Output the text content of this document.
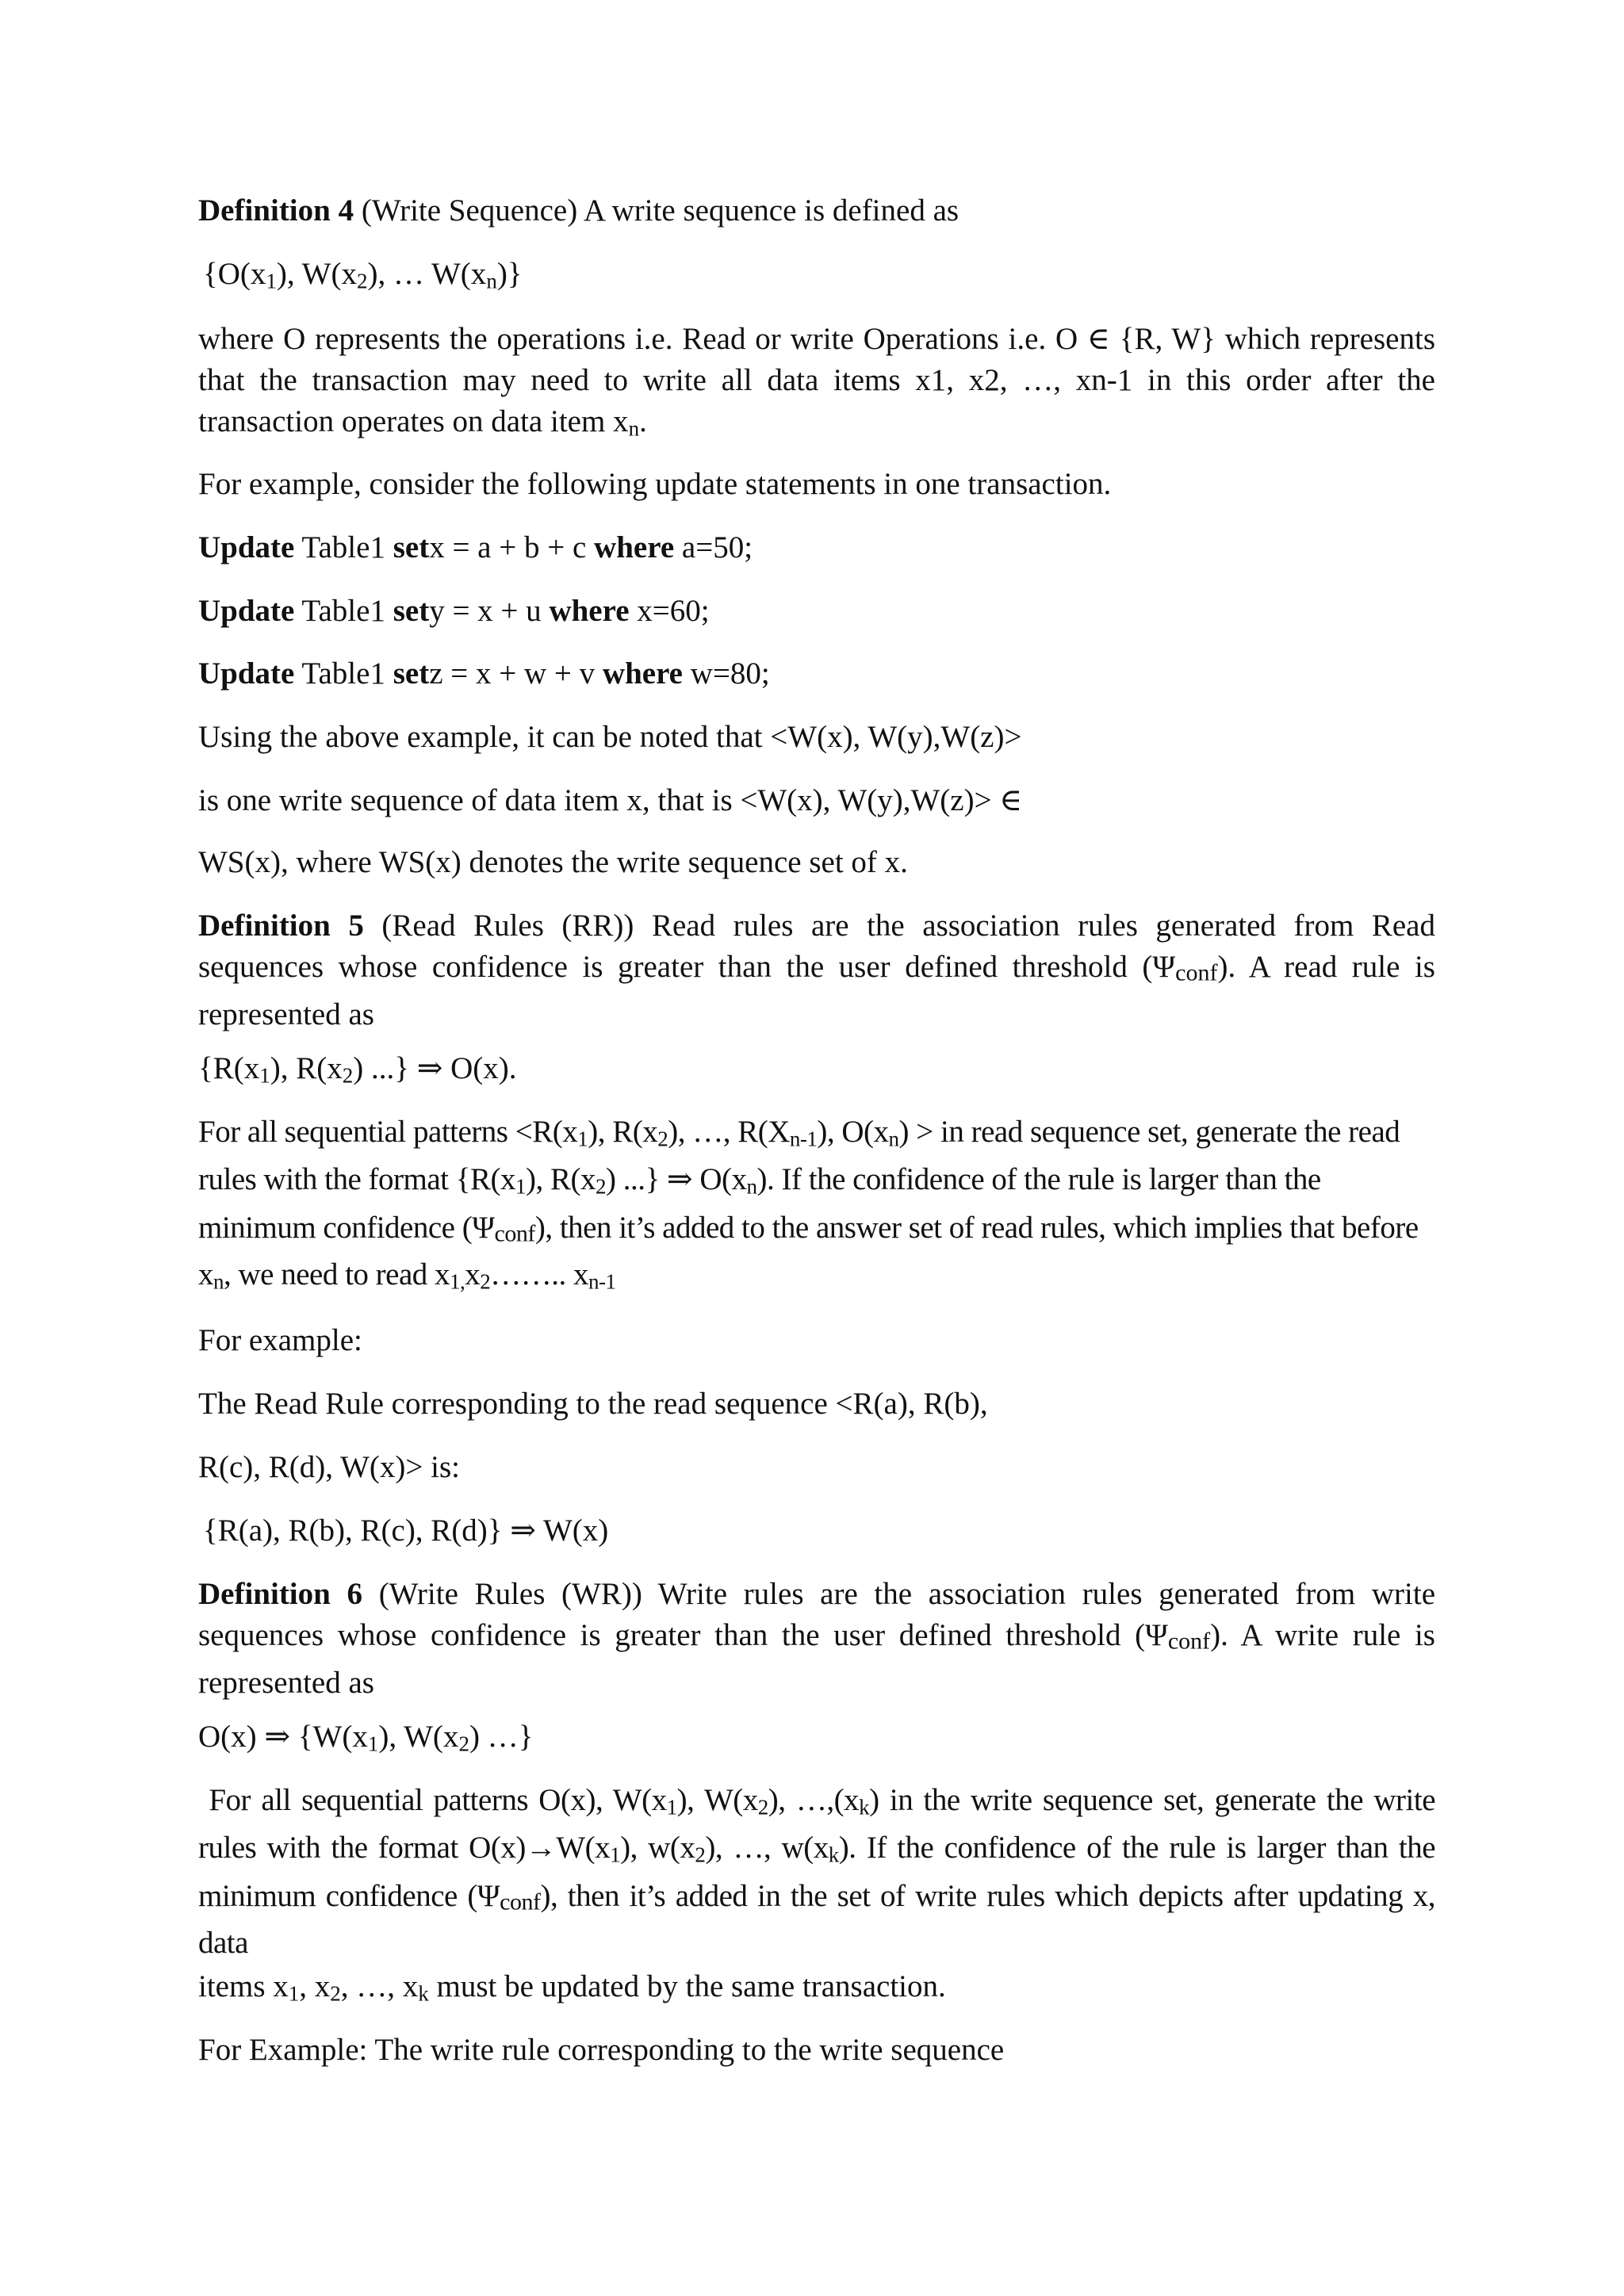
Definition 4 (Write Sequence) A write sequence is defined as
{$O(x_1)$, $W(x_2)$, … $W(x_n)$}
where O represents the operations i.e. Read or write Operations i.e. O ∈ {R, W} which represents that the transaction may need to write all data items x1, x2, …, xn-1 in this order after the transaction operates on data item $x_n$.
For example, consider the following update statements in one transaction.
Update Table1 setx = a + b + c where a=50;
Update Table1 sety = x + u where x=60;
Update Table1 setz = x + w + v where w=80;
Using the above example, it can be noted that <W(x), W(y),W(z)>
is one write sequence of data item x, that is <W(x), W(y),W(z)> ∈
WS(x), where WS(x) denotes the write sequence set of x.
Definition 5 (Read Rules (RR)) Read rules are the association rules generated from Read sequences whose confidence is greater than the user defined threshold (Ψconf). A read rule is represented as
{$R(x_1)$, $R(x_2)$ ...} ⇒ O(x).
For all sequential patterns $<R(x_1)$, $R(x_2)$, …, $R(X_{n-1})$, $O(x_n)$ > in read sequence set, generate the read rules with the format {$R(x_1)$, $R(x_2)$ ...} ⇒ $O(x_n)$. If the confidence of the rule is larger than the minimum confidence (Ψconf), then it’s added to the answer set of read rules, which implies that before $x_n$, we need to read $x_{1,}x_2\dots\dots$.. $x_{n-1}$
For example:
The Read Rule corresponding to the read sequence <R(a), R(b),
R(c), R(d), W(x)> is:
{R(a), R(b), R(c), R(d)} ⇒ W(x)
Definition 6 (Write Rules (WR)) Write rules are the association rules generated from write sequences whose confidence is greater than the user defined threshold (Ψconf). A write rule is represented as
O(x) ⇒ {$W(x_1)$, $W(x_2)$ …}
For all sequential patterns O(x), $W(x_1)$, $W(x_2)$, $\dots,(x_k)$ in the write sequence set, generate the write rules with the format $O(x)\to W(x_1)$, $w(x_2)$, …, $w(x_k)$. If the confidence of the rule is larger than the minimum confidence (Ψconf), then it’s added in the set of write rules which depicts after updating x, data
items $x_1$, $x_2$, …, $x_k$ must be updated by the same transaction.
For Example: The write rule corresponding to the write sequence
